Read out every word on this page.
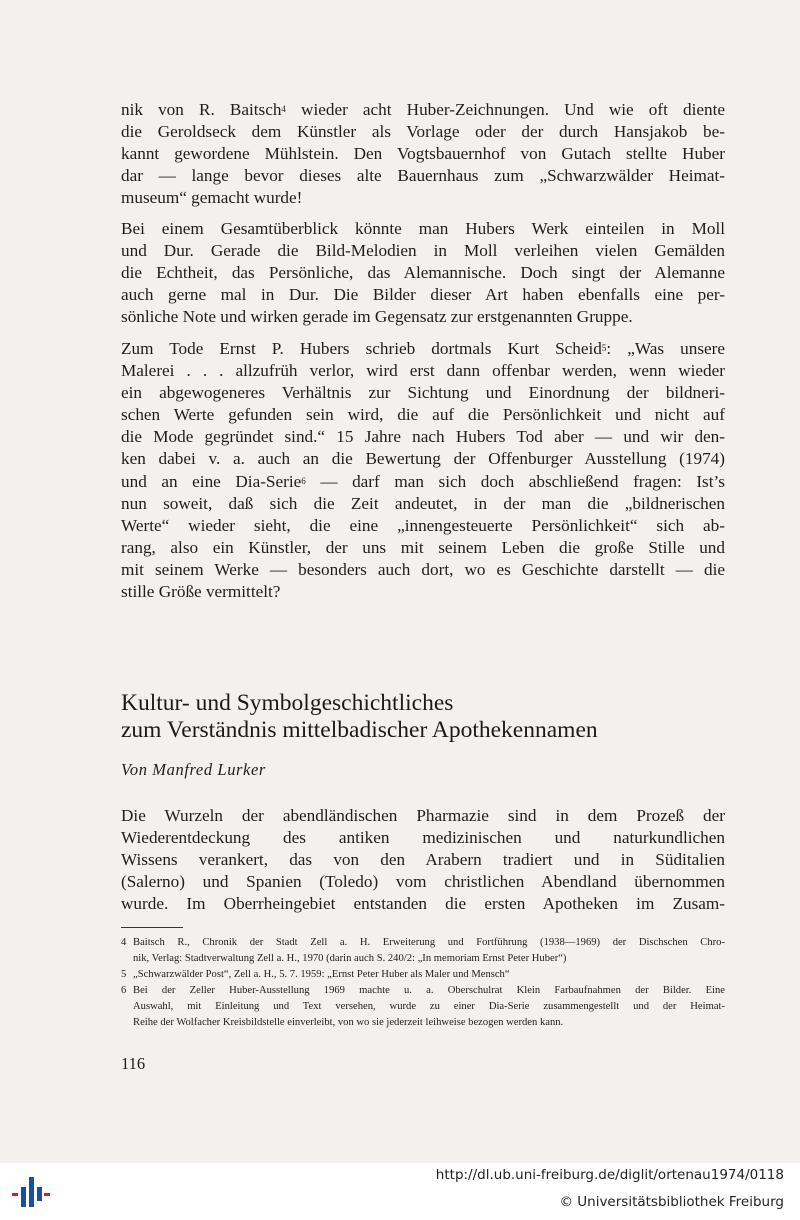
nik von R. Baitsch$^4$ wieder acht Huber-Zeichnungen. Und wie oft diente
die Geroldseck dem Künstler als Vorlage oder der durch Hansjakob be-
kannt gewordene Mühlstein. Den Vogtsbauernhof von Gutach stellte Huber
dar — lange bevor dieses alte Bauernhaus zum „Schwarzwälder Heimat-
museum“ gemacht wurde!

Bei einem Gesamtüberblick könnte man Hubers Werk einteilen in Moll
und Dur. Gerade die Bild-Melodien in Moll verleihen vielen Gemälden
die Echtheit, das Persönliche, das Alemannische. Doch singt der Alemanne
auch gerne mal in Dur. Die Bilder dieser Art haben ebenfalls eine per-
sönliche Note und wirken gerade im Gegensatz zur erstgenannten Gruppe.

Zum Tode Ernst P. Hubers schrieb dortmals Kurt Scheid$^5$: „Was unsere
Malerei . . . allzufrüh verlor, wird erst dann offenbar werden, wenn wieder
ein abgewogeneres Verhältnis zur Sichtung und Einordnung der bildneri-
schen Werte gefunden sein wird, die auf die Persönlichkeit und nicht auf
die Mode gegründet sind.“ 15 Jahre nach Hubers Tod aber — und wir den-
ken dabei v. a. auch an die Bewertung der Offenburger Ausstellung (1974)
und an eine Dia-Serie$^6$ — darf man sich doch abschließend fragen: Ist’s
nun soweit, daß sich die Zeit andeutet, in der man die „bildnerischen
Werte“ wieder sieht, die eine „innengesteuerte Persönlichkeit“ sich ab-
rang, also ein Künstler, der uns mit seinem Leben die große Stille und
mit seinem Werke — besonders auch dort, wo es Geschichte darstellt — die
stille Größe vermittelt?

Kultur- und Symbolgeschichtliches
zum Verständnis mittelbadischer Apothekennamen

Von Manfred Lurker

Die Wurzeln der abendländischen Pharmazie sind in dem Prozeß der
Wiederentdeckung des antiken medizinischen und naturkundlichen
Wissens verankert, das von den Arabern tradiert und in Süditalien
(Salerno) und Spanien (Toledo) vom christlichen Abendland übernommen
wurde. Im Oberrheingebiet entstanden die ersten Apotheken im Zusam-

4 Baitsch R., Chronik der Stadt Zell a. H. Erweiterung und Fortführung (1938—1969) der Dischschen Chro-
nik, Verlag: Stadtverwaltung Zell a. H., 1970 (darin auch S. 240/2: „In memoriam Ernst Peter Huber“)
5 „Schwarzwälder Post“, Zell a. H., 5. 7. 1959: „Ernst Peter Huber als Maler und Mensch“
6 Bei der Zeller Huber-Ausstellung 1969 machte u. a. Oberschulrat Klein Farbaufnahmen der Bilder. Eine
Auswahl, mit Einleitung und Text versehen, wurde zu einer Dia-Serie zusammengestellt und der Heimat-
Reihe der Wolfacher Kreisbildstelle einverleibt, von wo sie jederzeit leihweise bezogen werden kann.

116

http://dl.ub.uni-freiburg.de/diglit/ortenau1974/0118
© Universitätsbibliothek Freiburg
